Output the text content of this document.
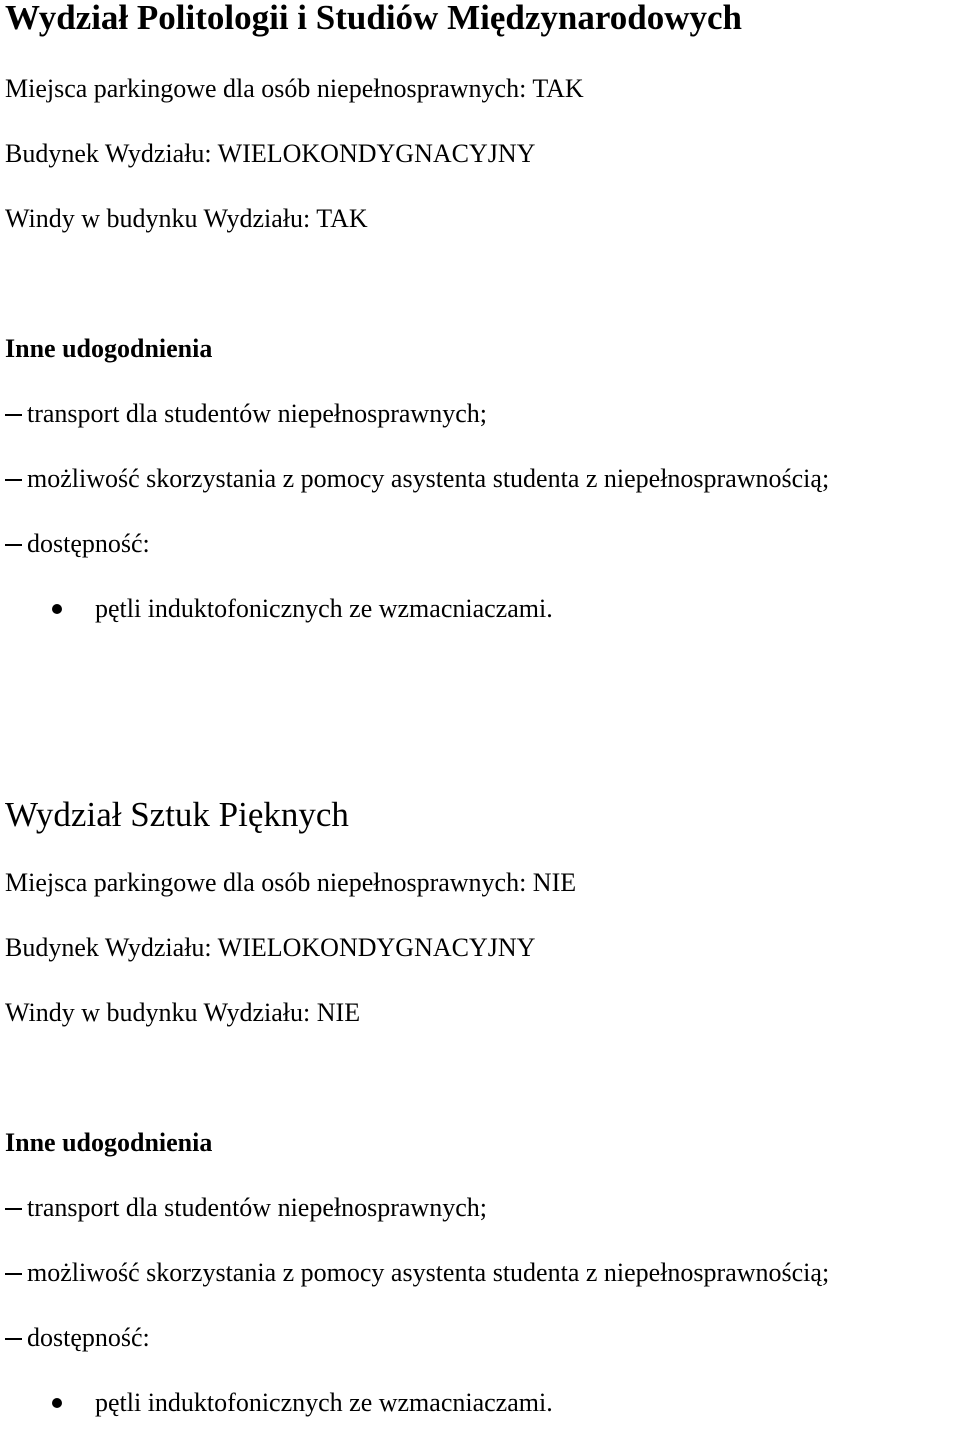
Wydział Politologii i Studiów Międzynarodowych
Miejsca parkingowe dla osób niepełnosprawnych: TAK
Budynek Wydziału: WIELOKONDYGNACYJNY
Windy w budynku Wydziału: TAK
Inne udogodnienia
transport dla studentów niepełnosprawnych;
możliwość skorzystania z pomocy asystenta studenta z niepełnosprawnością;
dostępność:
pętli induktofonicznych ze wzmacniaczami.
Wydział Sztuk Pięknych
Miejsca parkingowe dla osób niepełnosprawnych: NIE
Budynek Wydziału: WIELOKONDYGNACYJNY
Windy w budynku Wydziału: NIE
Inne udogodnienia
transport dla studentów niepełnosprawnych;
możliwość skorzystania z pomocy asystenta studenta z niepełnosprawnością;
dostępność:
pętli induktofonicznych ze wzmacniaczami.
